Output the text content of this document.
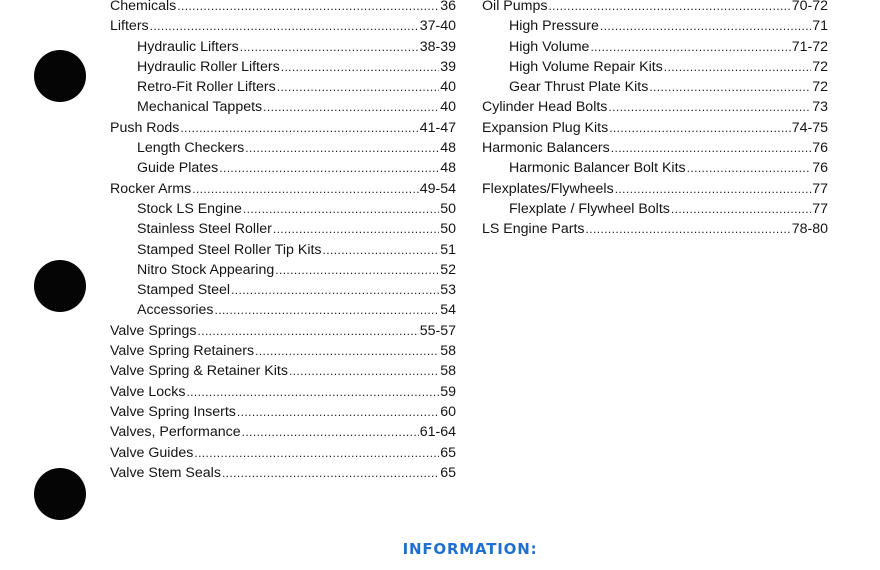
Chemicals .....	36
Lifters .....	37-40
Hydraulic Lifters .....	38-39
Hydraulic Roller Lifters .....	39
Retro-Fit Roller Lifters .....	40
Mechanical Tappets .....	40
Push Rods .....	41-47
Length Checkers .....	48
Guide Plates .....	48
Rocker Arms .....	49-54
Stock LS Engine .....	50
Stainless Steel Roller .....	50
Stamped Steel Roller Tip Kits .....	51
Nitro Stock Appearing .....	52
Stamped Steel .....	53
Accessories .....	54
Valve Springs .....	55-57
Valve Spring Retainers .....	58
Valve Spring & Retainer Kits .....	58
Valve Locks .....	59
Valve Spring Inserts .....	60
Valves, Performance .....	61-64
Valve Guides .....	65
Valve Stem Seals .....	65
Oil Pumps .....	70-72
High Pressure .....	71
High Volume .....	71-72
High Volume Repair Kits .....	72
Gear Thrust Plate Kits .....	72
Cylinder Head Bolts .....	73
Expansion Plug Kits .....	74-75
Harmonic Balancers .....	76
Harmonic Balancer Bolt Kits .....	76
Flexplates/Flywheels .....	77
Flexplate / Flywheel Bolts .....	77
LS Engine Parts .....	78-80
INFORMATION:
